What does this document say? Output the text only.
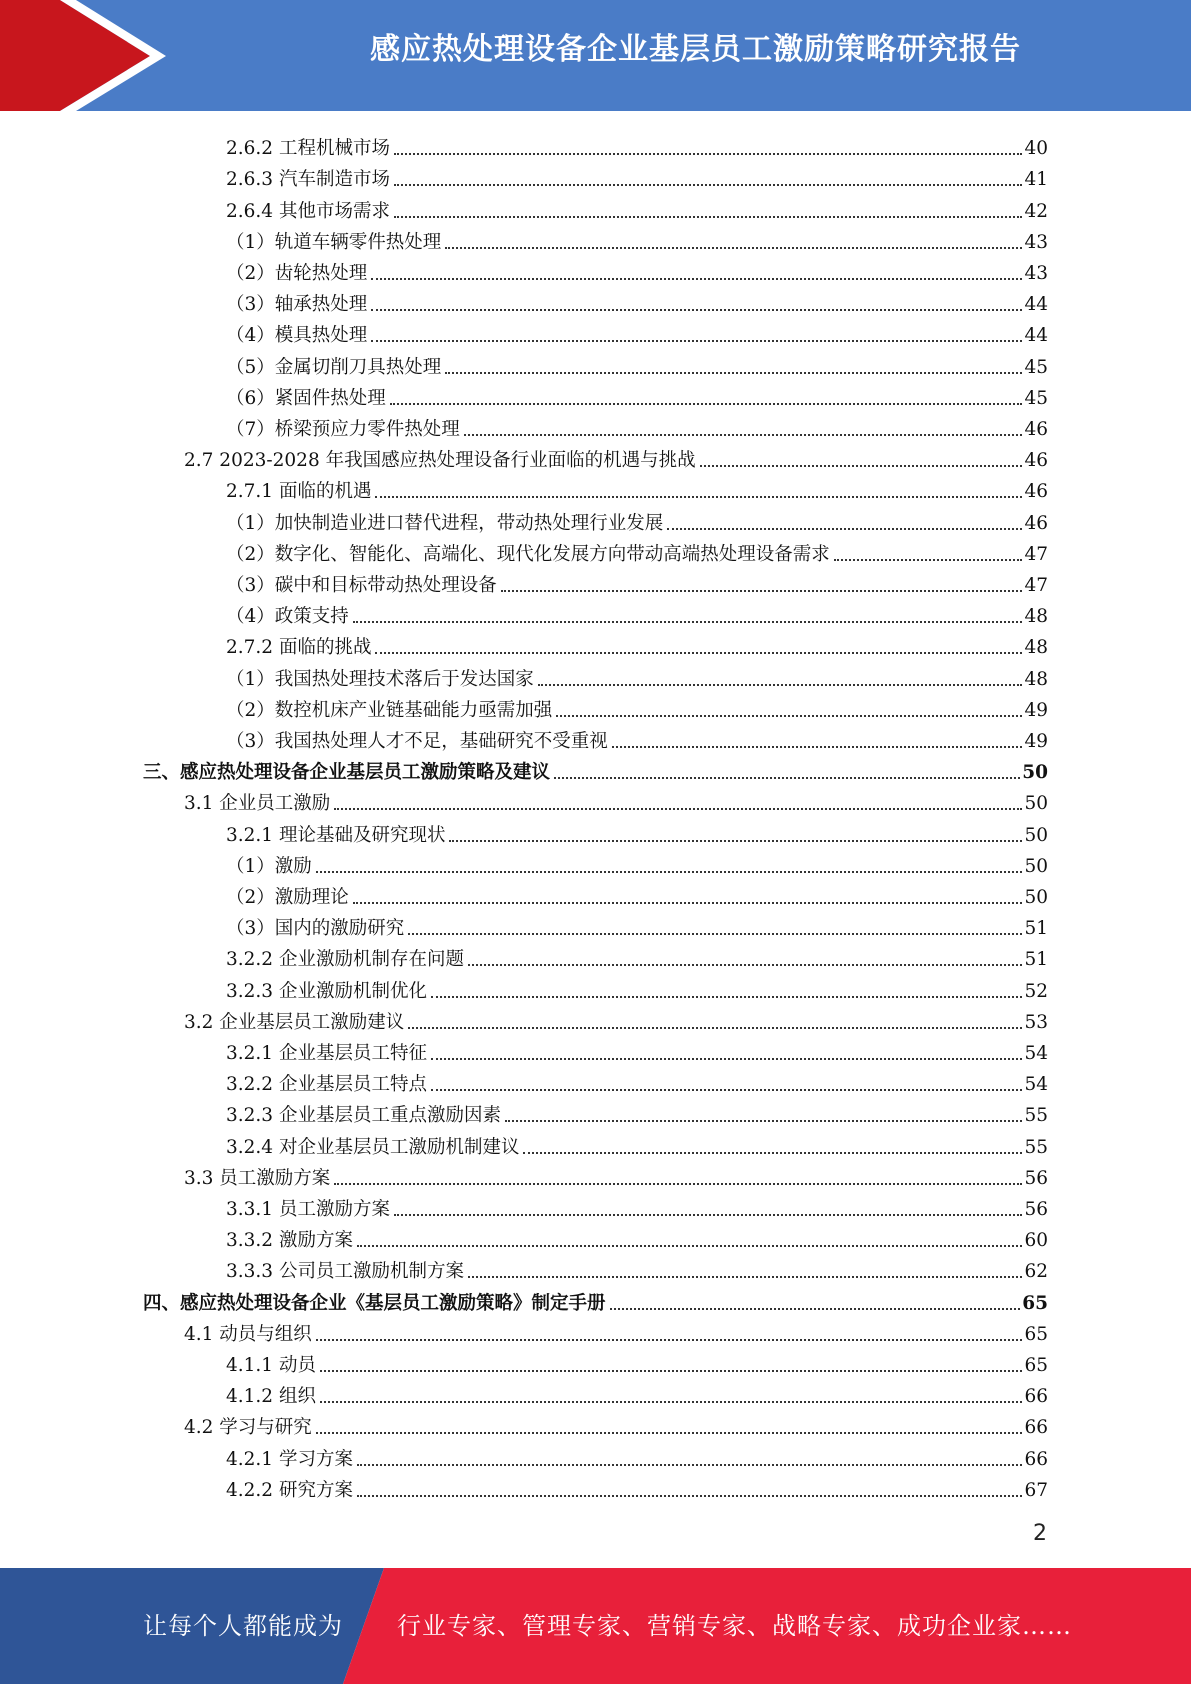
感应热处理设备企业基层员工激励策略研究报告
2.6.2 工程机械市场	40
2.6.3 汽车制造市场	41
2.6.4 其他市场需求	42
（1）轨道车辆零件热处理	43
（2）齿轮热处理	43
（3）轴承热处理	44
（4）模具热处理	44
（5）金属切削刀具热处理	45
（6）紧固件热处理	45
（7）桥梁预应力零件热处理	46
2.7 2023-2028 年我国感应热处理设备行业面临的机遇与挑战	46
2.7.1 面临的机遇	46
（1）加快制造业进口替代进程，带动热处理行业发展	46
（2）数字化、智能化、高端化、现代化发展方向带动高端热处理设备需求	47
（3）碳中和目标带动热处理设备	47
（4）政策支持	48
2.7.2 面临的挑战	48
（1）我国热处理技术落后于发达国家	48
（2）数控机床产业链基础能力亟需加强	49
（3）我国热处理人才不足，基础研究不受重视	49
三、感应热处理设备企业基层员工激励策略及建议	50
3.1 企业员工激励	50
3.2.1 理论基础及研究现状	50
（1）激励	50
（2）激励理论	50
（3）国内的激励研究	51
3.2.2 企业激励机制存在问题	51
3.2.3 企业激励机制优化	52
3.2 企业基层员工激励建议	53
3.2.1 企业基层员工特征	54
3.2.2 企业基层员工特点	54
3.2.3 企业基层员工重点激励因素	55
3.2.4 对企业基层员工激励机制建议	55
3.3 员工激励方案	56
3.3.1 员工激励方案	56
3.3.2 激励方案	60
3.3.3 公司员工激励机制方案	62
四、感应热处理设备企业《基层员工激励策略》制定手册	65
4.1 动员与组织	65
4.1.1 动员	65
4.1.2 组织	66
4.2 学习与研究	66
4.2.1 学习方案	66
4.2.2 研究方案	67
2
让每个人都能成为 行业专家、管理专家、营销专家、战略专家、成功企业家……
